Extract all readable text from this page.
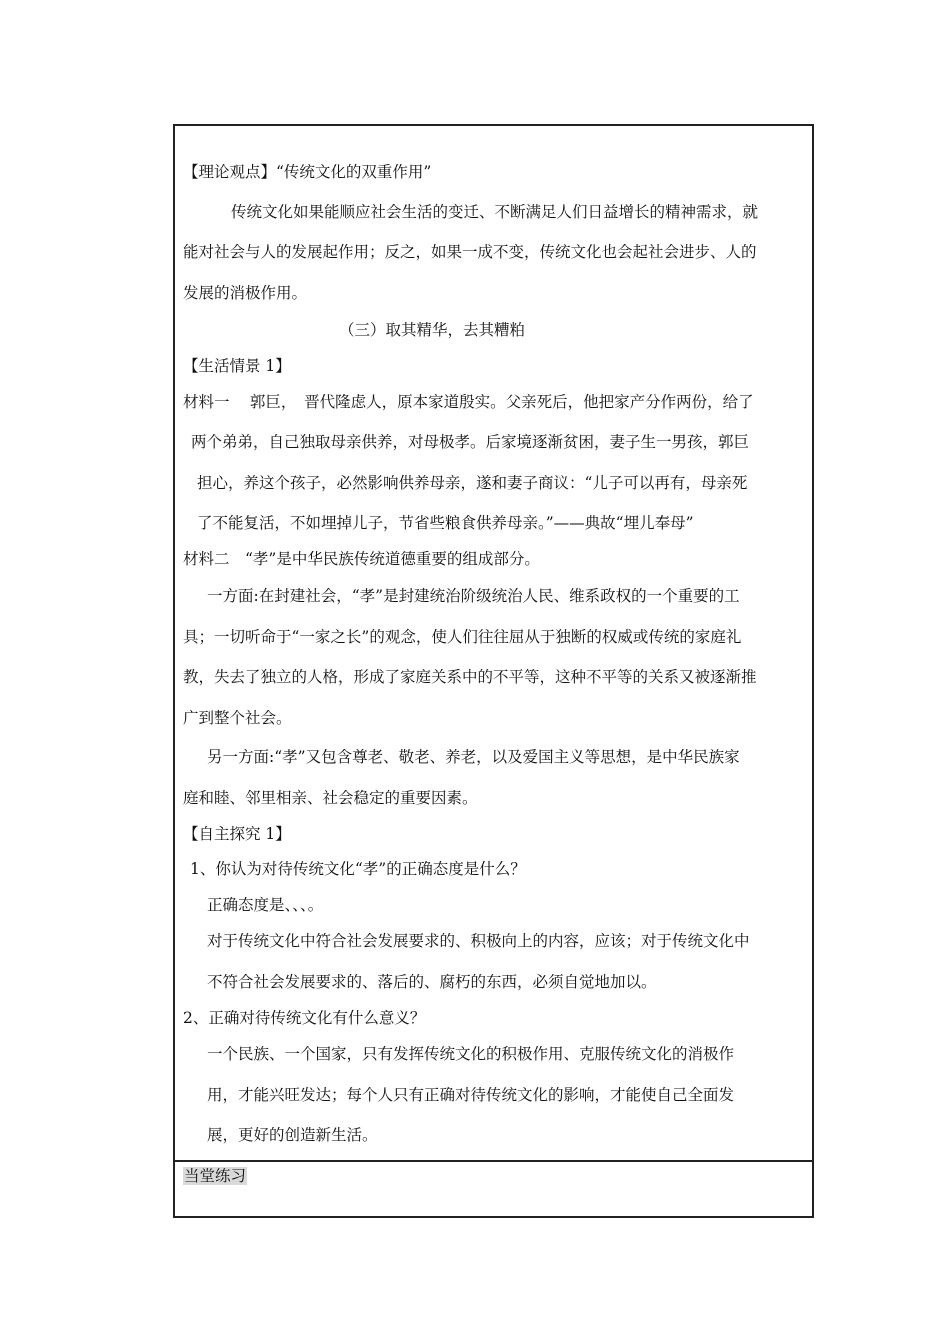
【理论观点】“传统文化的双重作用”
传统文化如果能顺应社会生活的变迁、不断满足人们日益增长的精神需求，就
能对社会与人的发展起作用；反之，如果一成不变，传统文化也会起社会进步、人的
发展的消极作用。
（三）取其精华，去其糟粕
【生活情景 1】
材料一　 郭巨，　晋代隆虑人，原本家道殷实。父亲死后，他把家产分作两份，给了
两个弟弟，自己独取母亲供养，对母极孝。后家境逐渐贫困，妻子生一男孩，郭巨
担心，养这个孩子，必然影响供养母亲，遂和妻子商议：“儿子可以再有，母亲死
了不能复活，不如埋掉儿子，节省些粮食供养母亲。”——典故“埋儿奉母”
材料二　“孝”是中华民族传统道德重要的组成部分。
一方面:在封建社会，“孝”是封建统治阶级统治人民、维系政权的一个重要的工
具；一切听命于“一家之长”的观念，使人们往往屈从于独断的权威或传统的家庭礼
教，失去了独立的人格，形成了家庭关系中的不平等，这种不平等的关系又被逐渐推
广到整个社会。
另一方面:“孝”又包含尊老、敬老、养老，以及爱国主义等思想，是中华民族家
庭和睦、邻里相亲、社会稳定的重要因素。
【自主探究 1】
1、你认为对待传统文化“孝”的正确态度是什么？
正确态度是、、、。
对于传统文化中符合社会发展要求的、积极向上的内容，应该；对于传统文化中
不符合社会发展要求的、落后的、腐朽的东西，必须自觉地加以。
2、正确对待传统文化有什么意义？
一个民族、一个国家，只有发挥传统文化的积极作用、克服传统文化的消极作
用，才能兴旺发达；每个人只有正确对待传统文化的影响，才能使自己全面发
展，更好的创造新生活。
当堂练习
